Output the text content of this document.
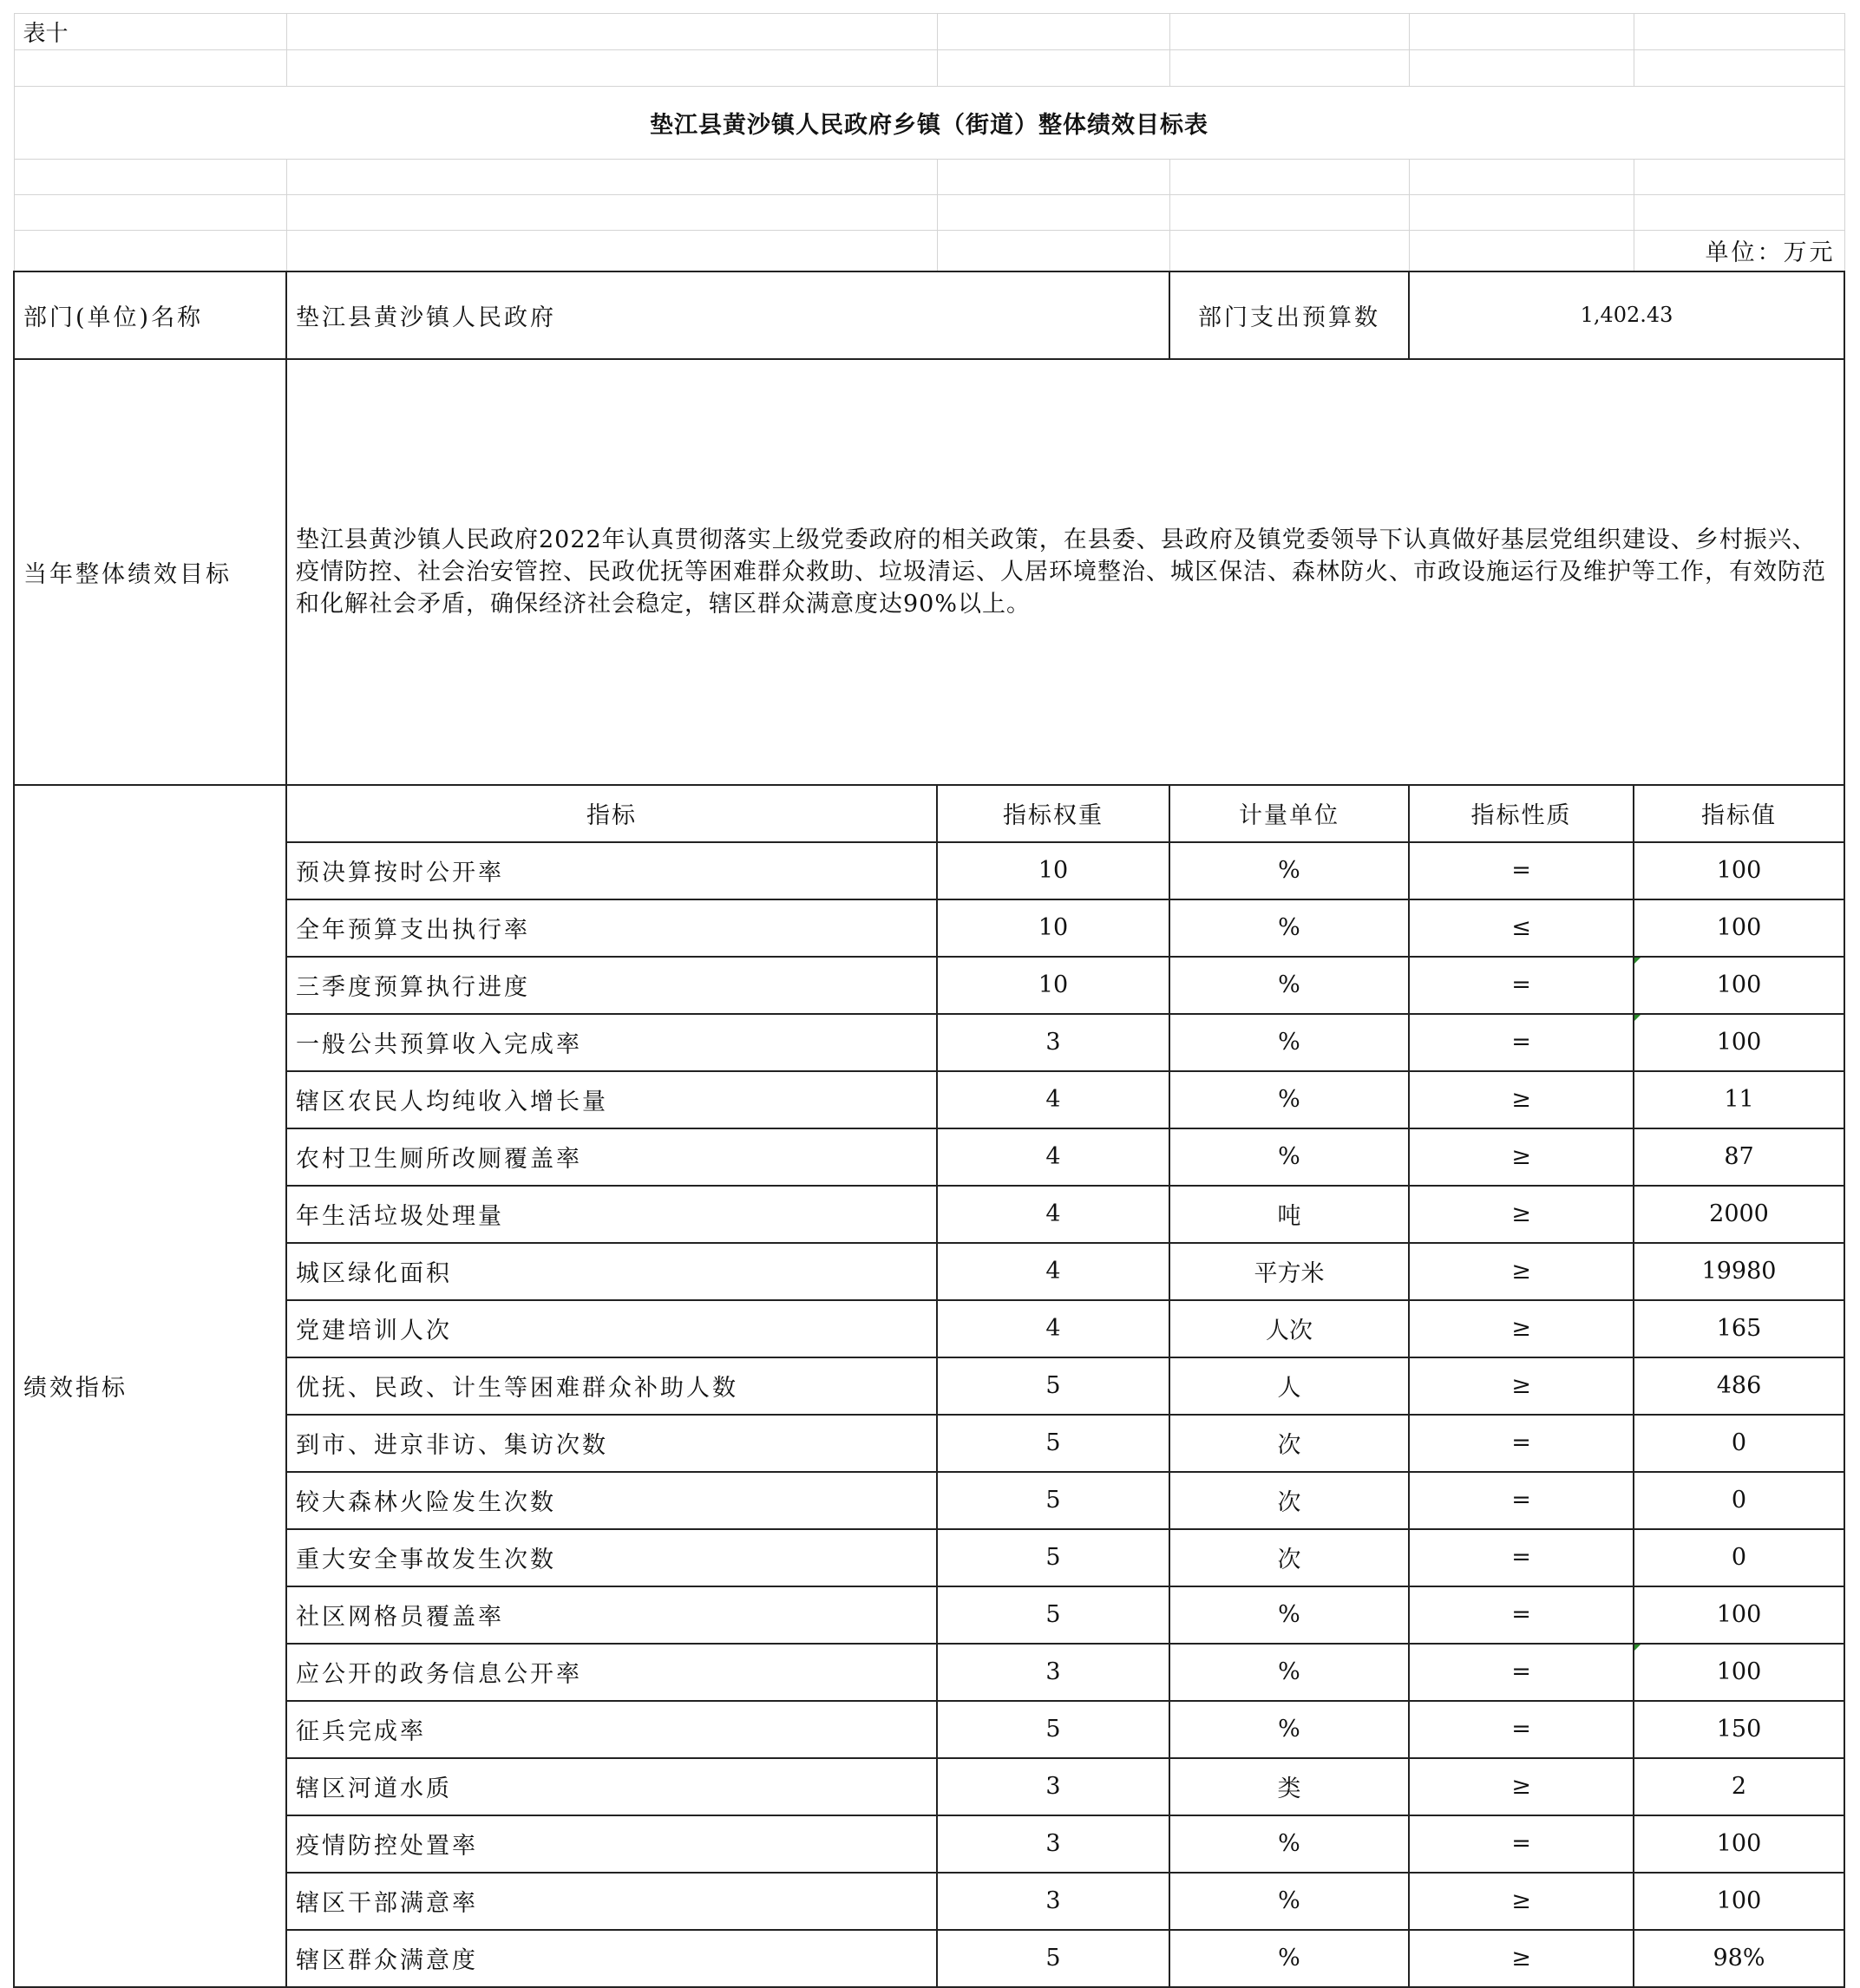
表十					

垫江县黄沙镇人民政府乡镇（街道）整体绩效目标表					

					单位：万元
部门(单位)名称	垫江县黄沙镇人民政府		部门支出预算数	1,402.43	
当年整体绩效目标	垫江县黄沙镇人民政府2022年认真贯彻落实上级党委政府的相关政策，在县委、县政府及镇党委领导下认真做好基层党组织建设、乡村振兴、疫情防控、社会治安管控、民政优抚等困难群众救助、垃圾清运、人居环境整治、城区保洁、森林防火、市政设施运行及维护等工作，有效防范和化解社会矛盾，确保经济社会稳定，辖区群众满意度达90%以上。				
绩效指标	指标	指标权重	计量单位	指标性质	指标值
	预决算按时公开率	10	%	=	100
	全年预算支出执行率	10	%	≤	100
	三季度预算执行进度	10	%	=	100
	一般公共预算收入完成率	3	%	=	100
	辖区农民人均纯收入增长量	4	%	≥	11
	农村卫生厕所改厕覆盖率	4	%	≥	87
	年生活垃圾处理量	4	吨	≥	2000
	城区绿化面积	4	平方米	≥	19980
	党建培训人次	4	人次	≥	165
	优抚、民政、计生等困难群众补助人数	5	人	≥	486
	到市、进京非访、集访次数	5	次	=	0
	较大森林火险发生次数	5	次	=	0
	重大安全事故发生次数	5	次	=	0
	社区网格员覆盖率	5	%	=	100
	应公开的政务信息公开率	3	%	=	100
	征兵完成率	5	%	=	150
	辖区河道水质	3	类	≥	2
	疫情防控处置率	3	%	=	100
	辖区干部满意率	3	%	≥	100
	辖区群众满意度	5	%	≥	98%
